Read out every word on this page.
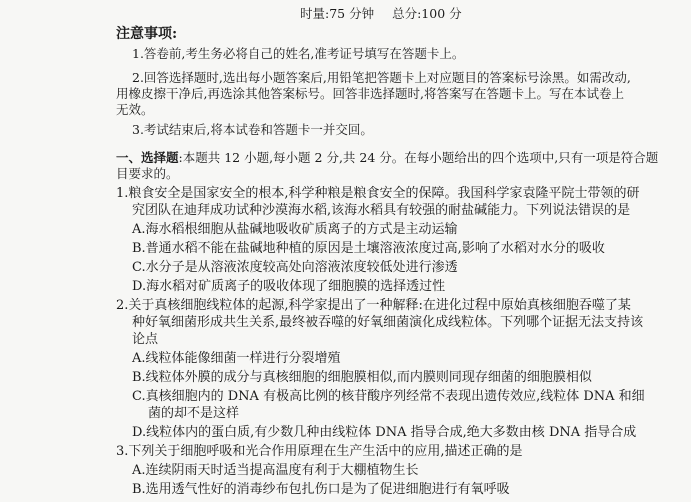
时量:75 分钟 总分:100 分
注意事项:
1.答卷前,考生务必将自己的姓名,准考证号填写在答题卡上。
2.回答选择题时,选出每小题答案后,用铅笔把答题卡上对应题目的答案标号涂黑。如需改动,
用橡皮擦干净后,再选涂其他答案标号。回答非选择题时,将答案写在答题卡上。写在本试卷上
无效。
3.考试结束后,将本试卷和答题卡一并交回。
一、选择题:本题共 12 小题,每小题 2 分,共 24 分。在每小题给出的四个选项中,只有一项是符合题
目要求的。
1.粮食安全是国家安全的根本,科学种粮是粮食安全的保障。我国科学家袁隆平院士带领的研
究团队在迪拜成功试种沙漠海水稻,该海水稻具有较强的耐盐碱能力。下列说法错误的是
A.海水稻根细胞从盐碱地吸收矿质离子的方式是主动运输
B.普通水稻不能在盐碱地种植的原因是土壤溶液浓度过高,影响了水稻对水分的吸收
C.水分子是从溶液浓度较高处向溶液浓度较低处进行渗透
D.海水稻对矿质离子的吸收体现了细胞膜的选择透过性
2.关于真核细胞线粒体的起源,科学家提出了一种解释:在进化过程中原始真核细胞吞噬了某
种好氧细菌形成共生关系,最终被吞噬的好氧细菌演化成线粒体。下列哪个证据无法支持该
论点
A.线粒体能像细菌一样进行分裂增殖
B.线粒体外膜的成分与真核细胞的细胞膜相似,而内膜则同现存细菌的细胞膜相似
C.真核细胞内的 DNA 有极高比例的核苷酸序列经常不表现出遗传效应,线粒体 DNA 和细
菌的却不是这样
D.线粒体内的蛋白质,有少数几种由线粒体 DNA 指导合成,绝大多数由核 DNA 指导合成
3.下列关于细胞呼吸和光合作用原理在生产生活中的应用,描述正确的是
A.连续阴雨天时适当提高温度有利于大棚植物生长
B.选用透气性好的消毒纱布包扎伤口是为了促进细胞进行有氧呼吸
